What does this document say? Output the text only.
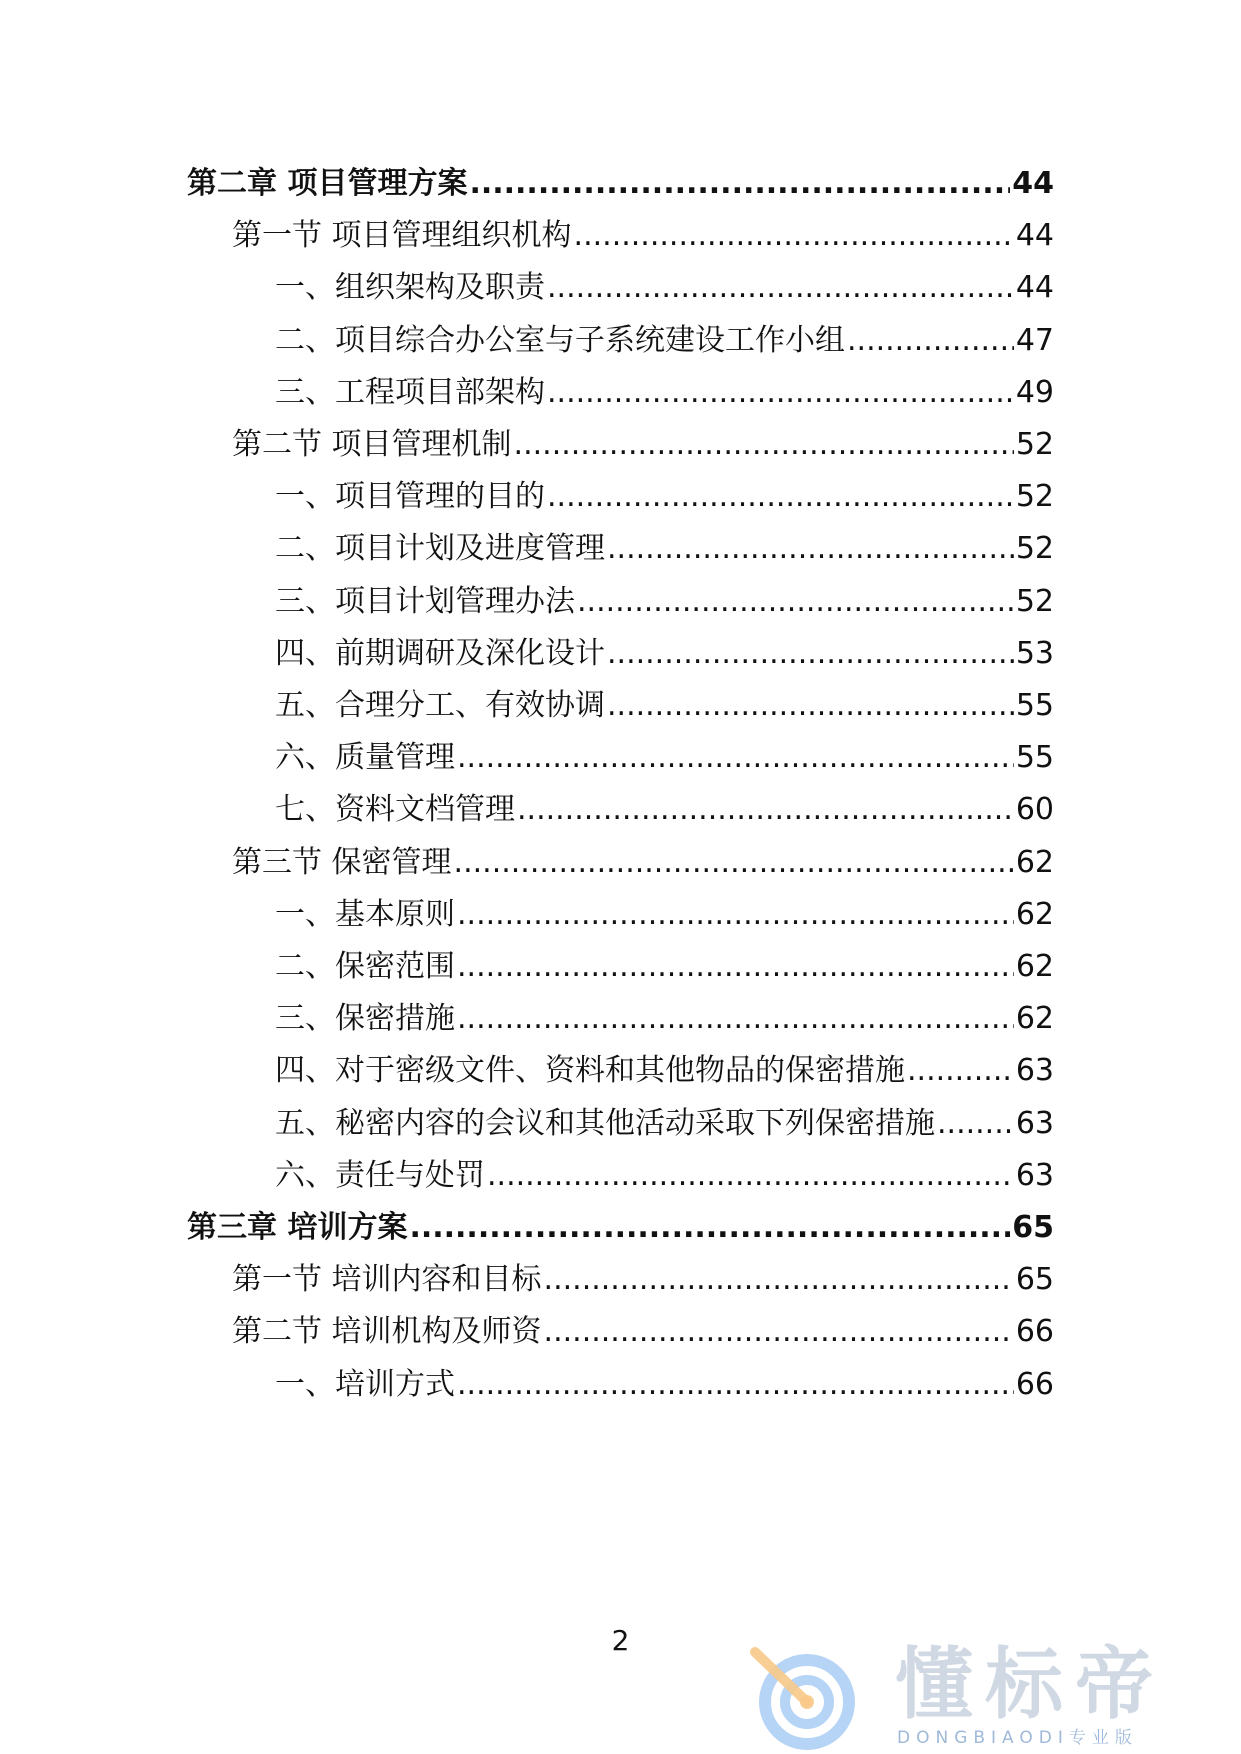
第二章 项目管理方案 .....	44
第一节 项目管理组织机构 .....	44
一、组织架构及职责 .....	44
二、项目综合办公室与子系统建设工作小组 .....	47
三、工程项目部架构 .....	49
第二节 项目管理机制 .....	52
一、项目管理的目的 .....	52
二、项目计划及进度管理 .....	52
三、项目计划管理办法 .....	52
四、前期调研及深化设计 .....	53
五、合理分工、有效协调 .....	55
六、质量管理 .....	55
七、资料文档管理 .....	60
第三节 保密管理 .....	62
一、基本原则 .....	62
二、保密范围 .....	62
三、保密措施 .....	62
四、对于密级文件、资料和其他物品的保密措施 .....	63
五、秘密内容的会议和其他活动采取下列保密措施 .....	63
六、责任与处罚 .....	63
第三章 培训方案 .....	65
第一节 培训内容和目标 .....	65
第二节 培训机构及师资 .....	66
一、培训方式 .....	66
2	懂标帝
DONGBIAODI专业版
